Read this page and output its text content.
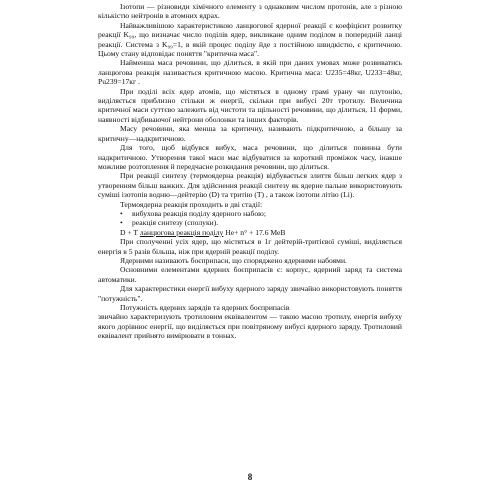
Ізотопи — різновиди хімічного елементу з однаковим числом протонів, але з різною кількістю нейтронів в атомних ядрах.

Найважливішою характеристикою ланцюгової ядерної реакції є коефіцієнт розвитку реакції K₉₉, що визначає число поділів ядер, викликане одним поділом в попередній ланці реакції. Система з K₉₉=1, в якій процес поділу йде з постійною швидкістю, є критичною. Цьому стану відповідає поняття "критична маса".

Найменша маса речовини, що ділиться, в якій при даних умовах може розвиватись ланцюгова реакція називається критичною масою. Критична маса: U235=48кг, U233=48кг, Pu239=17кг .

При поділі всіх ядер атомів, що містяться в одному грамі урану чи плутонію, виділяється приблизно стільки ж енергії, скільки при вибусі 20т тротилу. Величина критичної маси суттєво залежить від чистоти та щільності речовини, що ділиться, 11 форми, наявності відбиваючої нейтрони оболонки та інших факторів.

Масу речовини, яка менша за критичну, називають підкритичною, а більшу за критичну—надкритичною.

Для того, щоб відбувся вибух, маса речовини, що ділиться повинна бути надкритичною. Утворення такої маси має відбуватися за короткий проміжок часу, інакше можливе розтоплення й передчасне розкидання речовини, що ділиться.

При реакції синтезу (термоядерна реакція) відбувається злиття більш легких ядер з утворенням більш важких. Для здійснення реакції синтезу як ядерне пальне використовують суміші ізотопів водню—дейтерію (D) та тритію (Т) , а також ізотопи літію (Li).

Термоядерна реакція проходить в дві стадії:

• вибухова реакція поділу ядерного набою;
• реакція синтезу (сполуки).

D + T ланцюгова реакція поділу Не+ n° + 17.6 МеВ

При сполученні усіх ядер, що містяться в 1г дейтерій-тритієвої суміші, виділяється енергія в 5 разів більша, ніж при ядерній реакції поділу.

Ядерними називають боєприпаси, що споряджено ядерними набоями.

Основними елементами ядерних боєприпасів є: корпус, ядерний заряд та система автоматики.

Для характеристики енергії вибуху ядерного заряду звичайно використовують поняття "потужність".

Потужність ядерних зарядів та ядерних боєприпасів

звичайно характеризують тротиловим еквівалентом — такою масою тротилу, енергія вибуху якого дорівнює енергії, що виділяється при повітряному вибусі ядерного заряду. Тротиловий еквівалент прийнято вимірювати в тоннах.

8
